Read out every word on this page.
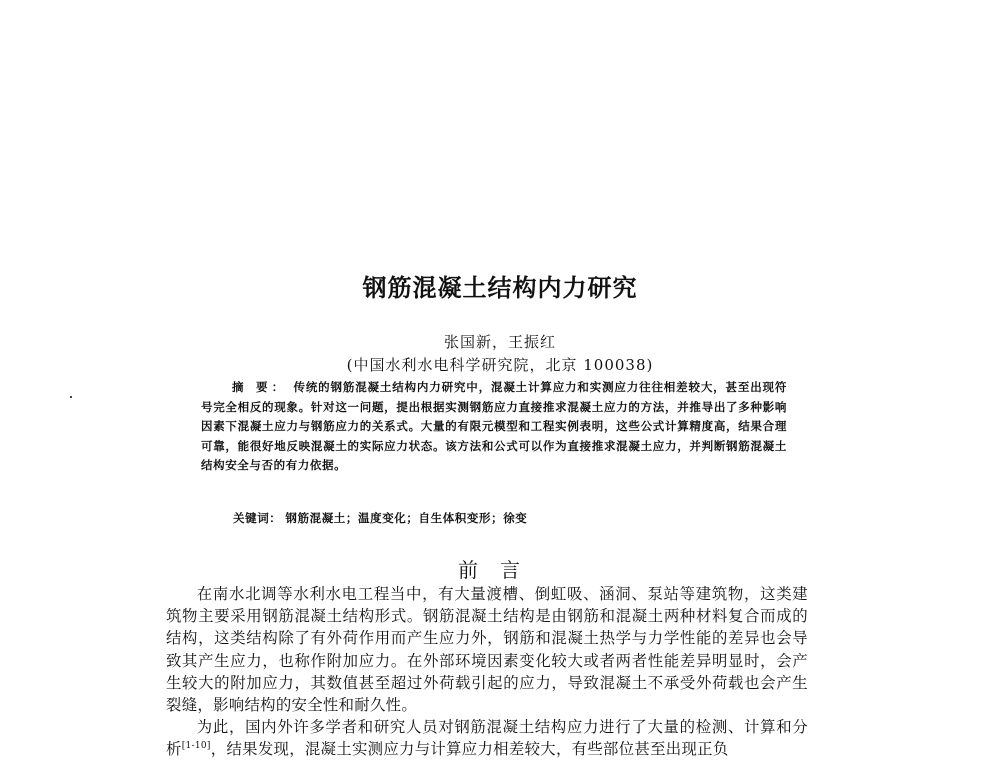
钢筋混凝土结构内力研究
张国新，王振红
(中国水利水电科学研究院，北京 100038)
摘 要： 传统的钢筋混凝土结构内力研究中，混凝土计算应力和实测应力往往相差较大，甚至出现符号完全相反的现象。针对这一问题，提出根据实测钢筋应力直接推求混凝土应力的方法，并推导出了多种影响因素下混凝土应力与钢筋应力的关系式。大量的有限元模型和工程实例表明，这些公式计算精度高，结果合理可靠，能很好地反映混凝土的实际应力状态。该方法和公式可以作为直接推求混凝土应力，并判断钢筋混凝土结构安全与否的有力依据。
关键词： 钢筋混凝土；温度变化；自生体积变形；徐变
前言

在南水北调等水利水电工程当中，有大量渡槽、倒虹吸、涵洞、泵站等建筑物，这类建筑物主要采用钢筋混凝土结构形式。钢筋混凝土结构是由钢筋和混凝土两种材料复合而成的结构，这类结构除了有外荷作用而产生应力外，钢筋和混凝土热学与力学性能的差异也会导致其产生应力，也称作附加应力。在外部环境因素变化较大或者两者性能差异明显时，会产生较大的附加应力，其数值甚至超过外荷载引起的应力，导致混凝土不承受外荷载也会产生裂缝，影响结构的安全性和耐久性。

为此，国内外许多学者和研究人员对钢筋混凝土结构应力进行了大量的检测、计算和分析[1-10]，结果发现，混凝土实测应力与计算应力相差较大，有些部位甚至出现正负
